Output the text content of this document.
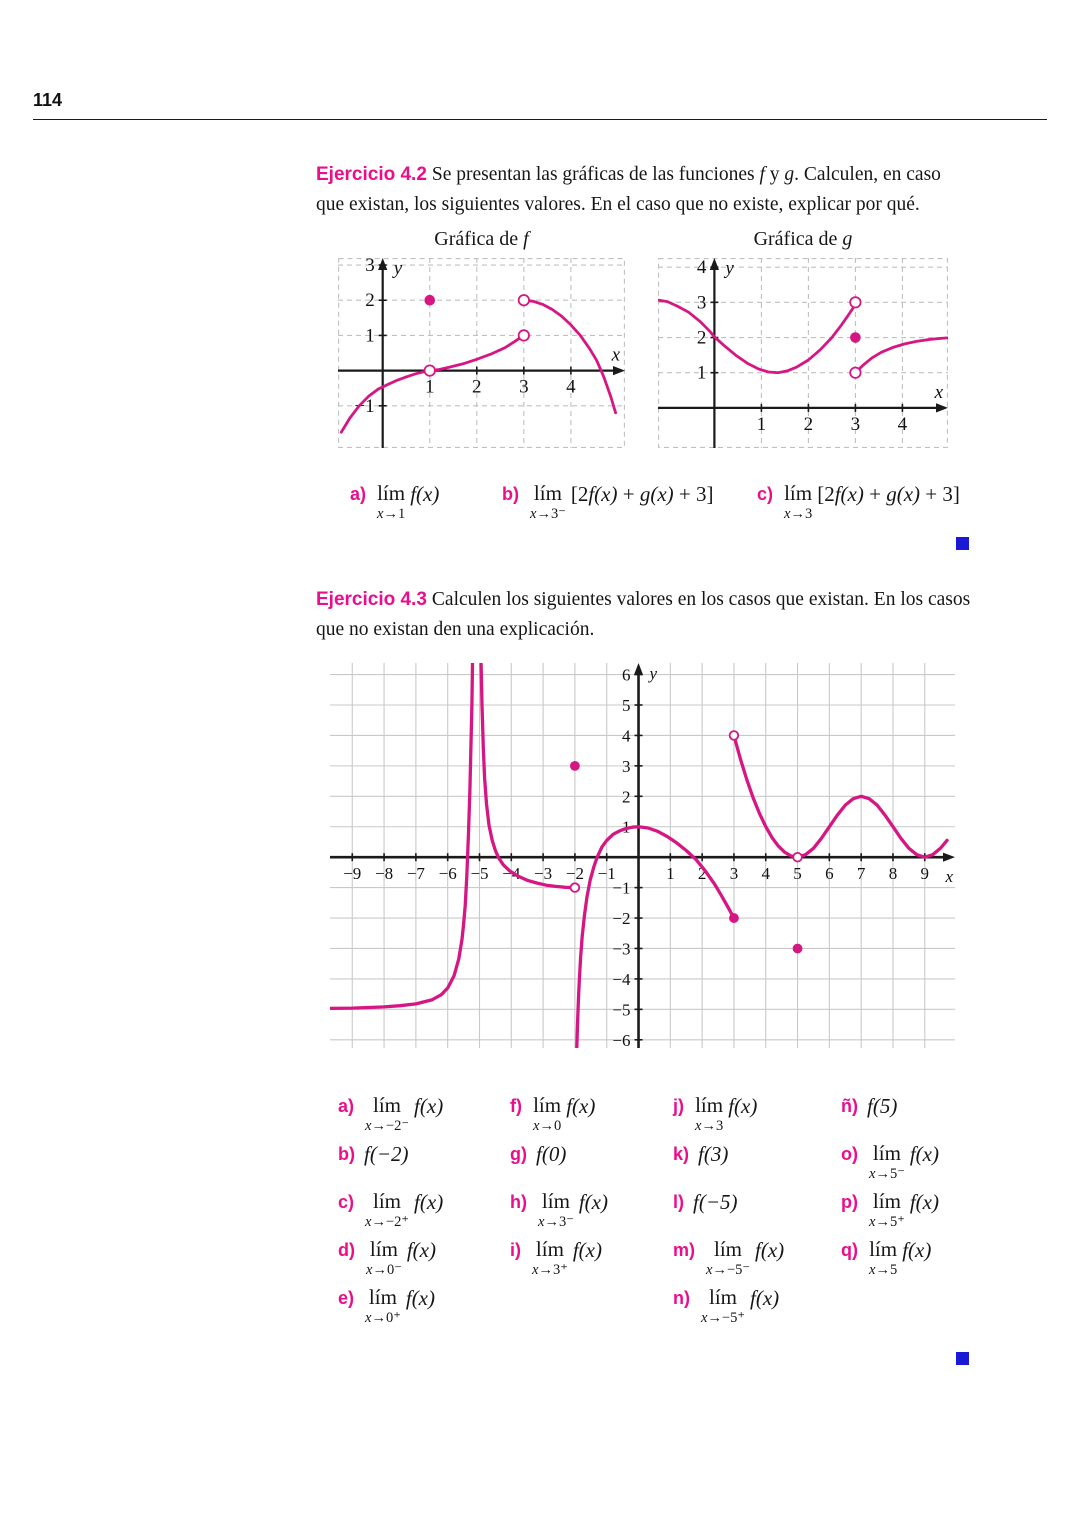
114
Ejercicio 4.2 Se presentan las gráficas de las funciones f y g. Calculen, en caso que existan, los siguientes valores. En el caso que no existe, explicar por qué.
Gráfica de f	Gráfica de g
1 2 3 4
−1
1
2
3
x
y
1 2 3 4
1
2
3
4
x
y
a) lím
x→1
f(x)	b) lím
x→3⁻
[2f(x) + g(x) + 3] c) lím
x→3
[2f(x) + g(x) + 3]
Ejercicio 4.3 Calculen los siguientes valores en los casos que existan. En los casos que no existan den una explicación.
−9 −8 −7 −6 −5 −4 −3 −2 −1	1 2 3 4 5 6 7 8 9
−6
−5
−4
−3
−2
−1
1
2
3
4
5
6
x
y
a) lím
x→−2⁻
f(x)
b) f(−2)
c) lím
x→−2⁺
f(x)
d) lím
x→0⁻
f(x)
e) lím
x→0⁺
f(x)
f) lím
x→0
f(x)
g) f(0)
h) lím
x→3⁻
f(x)
i) lím
x→3⁺
f(x)
j) lím
x→3
f(x)
k) f(3)
l) f(−5)
m) lím
x→−5⁻
f(x)
n) lím
x→−5⁺
f(x)
ñ) f(5)
o) lím
x→5⁻
f(x)
p) lím
x→5⁺
f(x)
q) lím
x→5
f(x)
